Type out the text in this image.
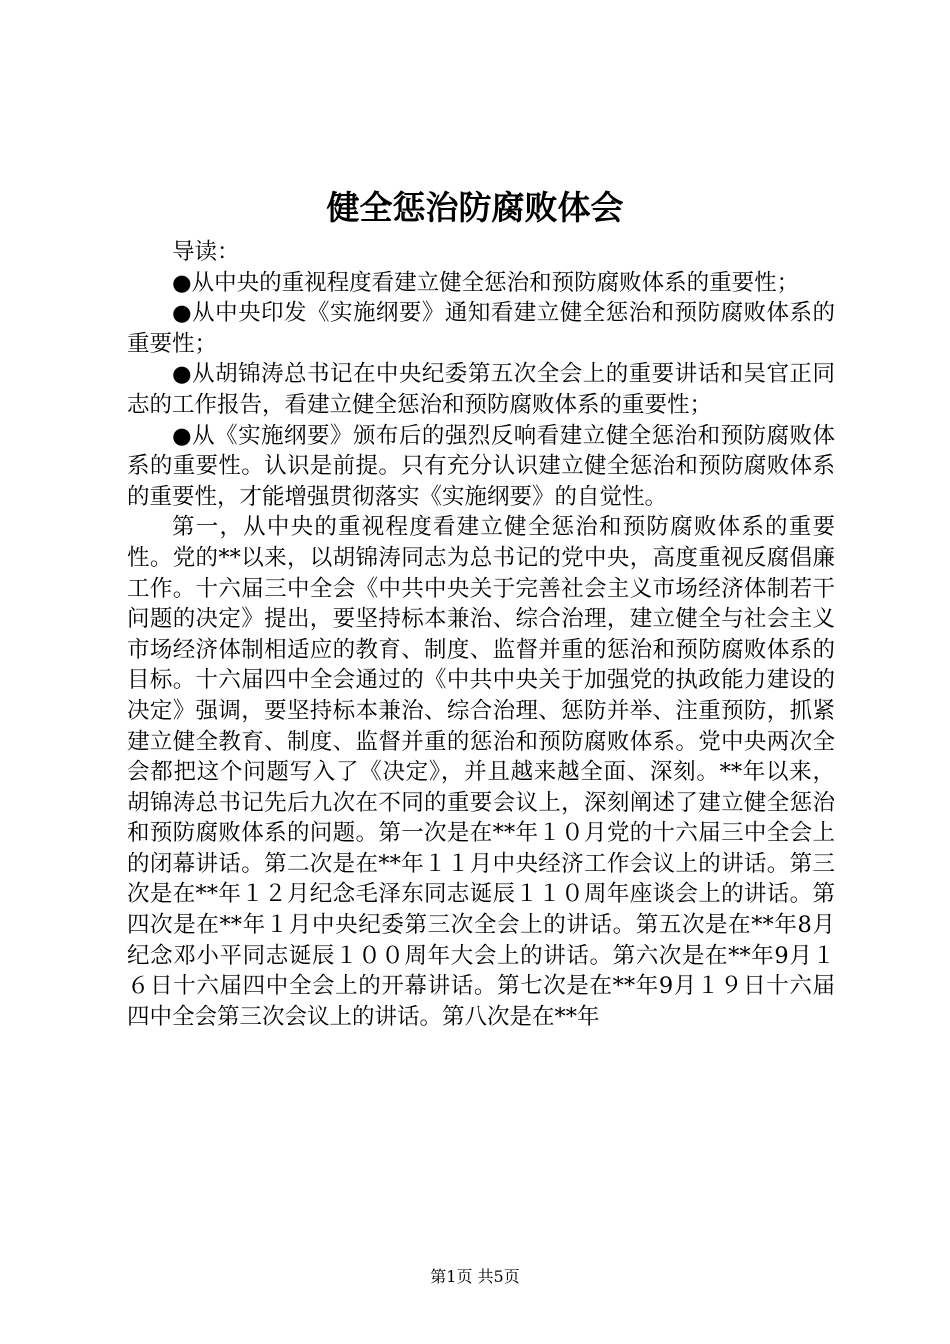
健全惩治防腐败体会

导读：

●从中央的重视程度看建立健全惩治和预防腐败体系的重要性；

●从中央印发《实施纲要》通知看建立健全惩治和预防腐败体系的重要性；

●从胡锦涛总书记在中央纪委第五次全会上的重要讲话和吴官正同志的工作报告，看建立健全惩治和预防腐败体系的重要性；

●从《实施纲要》颁布后的强烈反响看建立健全惩治和预防腐败体系的重要性。认识是前提。只有充分认识建立健全惩治和预防腐败体系的重要性，才能增强贯彻落实《实施纲要》的自觉性。

第一，从中央的重视程度看建立健全惩治和预防腐败体系的重要性。党的**以来，以胡锦涛同志为总书记的党中央，高度重视反腐倡廉工作。十六届三中全会《中共中央关于完善社会主义市场经济体制若干问题的决定》提出，要坚持标本兼治、综合治理，建立健全与社会主义市场经济体制相适应的教育、制度、监督并重的惩治和预防腐败体系的目标。十六届四中全会通过的《中共中央关于加强党的执政能力建设的决定》强调，要坚持标本兼治、综合治理、惩防并举、注重预防，抓紧建立健全教育、制度、监督并重的惩治和预防腐败体系。党中央两次全会都把这个问题写入了《决定》，并且越来越全面、深刻。**年以来，胡锦涛总书记先后九次在不同的重要会议上，深刻阐述了建立健全惩治和预防腐败体系的问题。第一次是在**年１０月党的十六届三中全会上的闭幕讲话。第二次是在**年１１月中央经济工作会议上的讲话。第三次是在**年１２月纪念毛泽东同志诞辰１１０周年座谈会上的讲话。第四次是在**年１月中央纪委第三次全会上的讲话。第五次是在**年8月纪念邓小平同志诞辰１００周年大会上的讲话。第六次是在**年9月１６日十六届四中全会上的开幕讲话。第七次是在**年9月１９日十六届四中全会第三次会议上的讲话。第八次是在**年

第1页 共5页
